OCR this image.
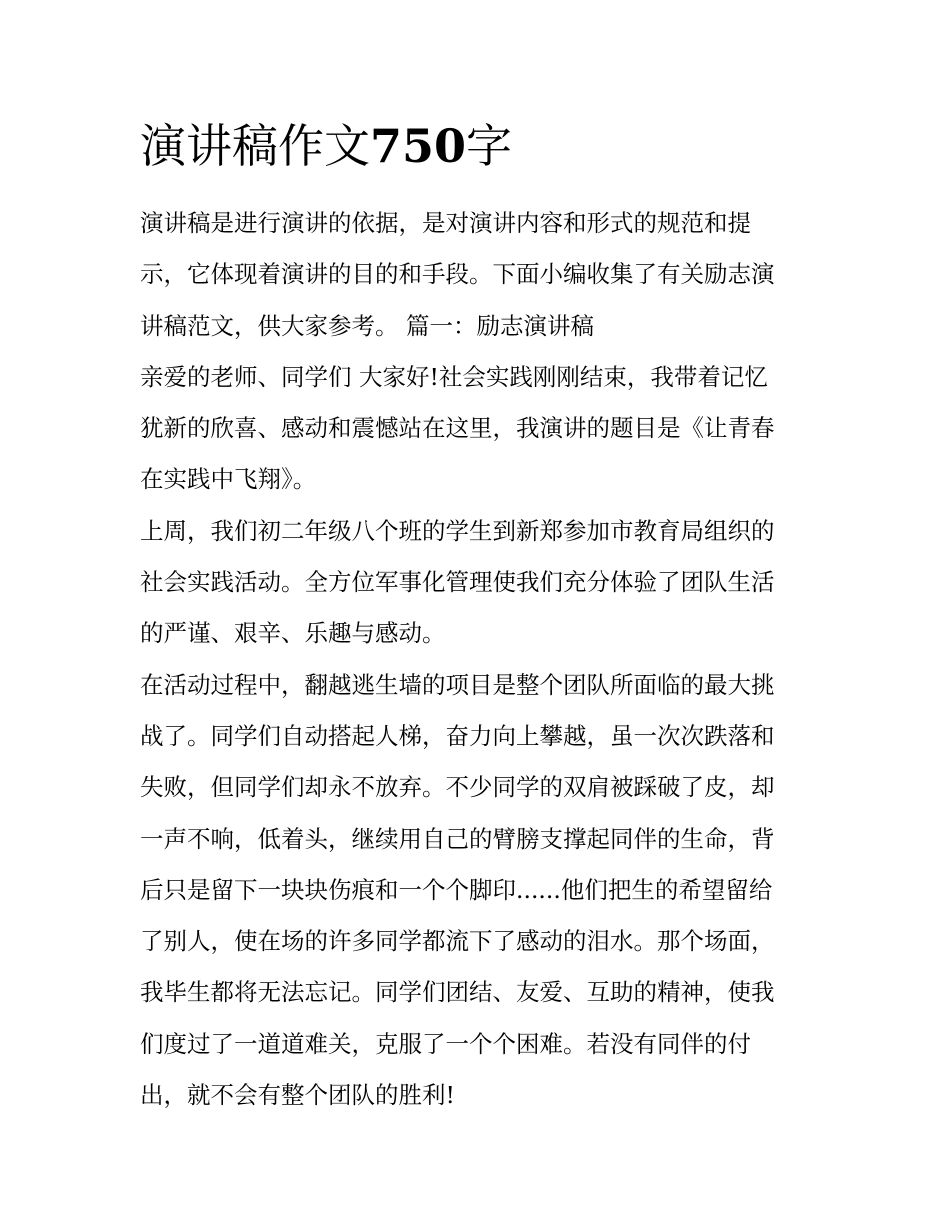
演讲稿作文750字
演讲稿是进行演讲的依据，是对演讲内容和形式的规范和提
示，它体现着演讲的目的和手段。下面小编收集了有关励志演
讲稿范文，供大家参考。 篇一：励志演讲稿
亲爱的老师、同学们 大家好!社会实践刚刚结束，我带着记忆
犹新的欣喜、感动和震憾站在这里，我演讲的题目是《让青春
在实践中飞翔》。
上周，我们初二年级八个班的学生到新郑参加市教育局组织的
社会实践活动。全方位军事化管理使我们充分体验了团队生活
的严谨、艰辛、乐趣与感动。
在活动过程中，翻越逃生墙的项目是整个团队所面临的最大挑
战了。同学们自动搭起人梯，奋力向上攀越，虽一次次跌落和
失败，但同学们却永不放弃。不少同学的双肩被踩破了皮，却
一声不响，低着头，继续用自己的臂膀支撑起同伴的生命，背
后只是留下一块块伤痕和一个个脚印......他们把生的希望留给
了别人，使在场的许多同学都流下了感动的泪水。那个场面，
我毕生都将无法忘记。同学们团结、友爱、互助的精神，使我
们度过了一道道难关，克服了一个个困难。若没有同伴的付
出，就不会有整个团队的胜利!
